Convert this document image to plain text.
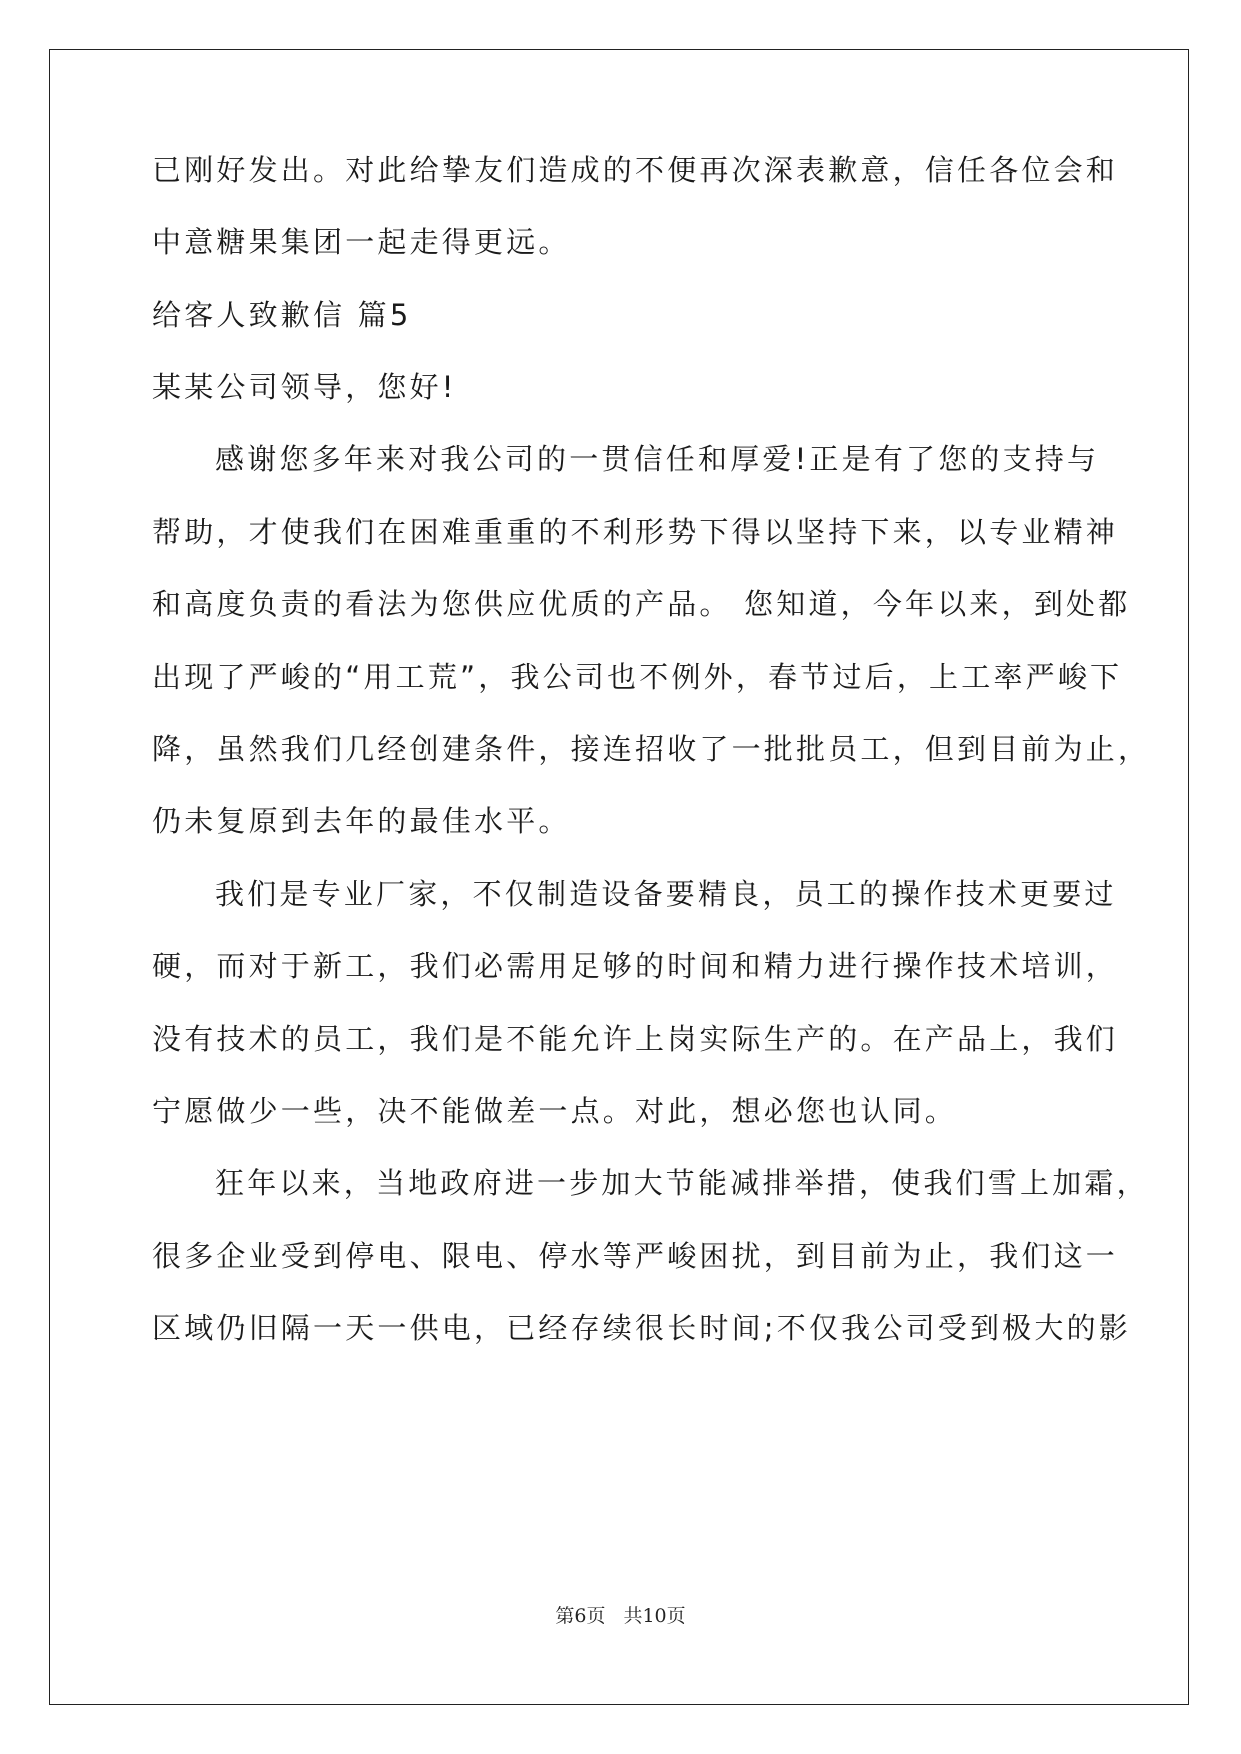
已刚好发出。对此给挚友们造成的不便再次深表歉意，信任各位会和
中意糖果集团一起走得更远。
给客人致歉信 篇5
某某公司领导，您好!
感谢您多年来对我公司的一贯信任和厚爱!正是有了您的支持与
帮助，才使我们在困难重重的不利形势下得以坚持下来，以专业精神
和高度负责的看法为您供应优质的产品。 您知道，今年以来，到处都
出现了严峻的“用工荒”，我公司也不例外，春节过后，上工率严峻下
降，虽然我们几经创建条件，接连招收了一批批员工，但到目前为止，
仍未复原到去年的最佳水平。
我们是专业厂家，不仅制造设备要精良，员工的操作技术更要过
硬，而对于新工，我们必需用足够的时间和精力进行操作技术培训，
没有技术的员工，我们是不能允许上岗实际生产的。在产品上，我们
宁愿做少一些，决不能做差一点。对此，想必您也认同。
狂年以来，当地政府进一步加大节能减排举措，使我们雪上加霜，
很多企业受到停电、限电、停水等严峻困扰，到目前为止，我们这一
区域仍旧隔一天一供电，已经存续很长时间;不仅我公司受到极大的影
第6页 共10页
